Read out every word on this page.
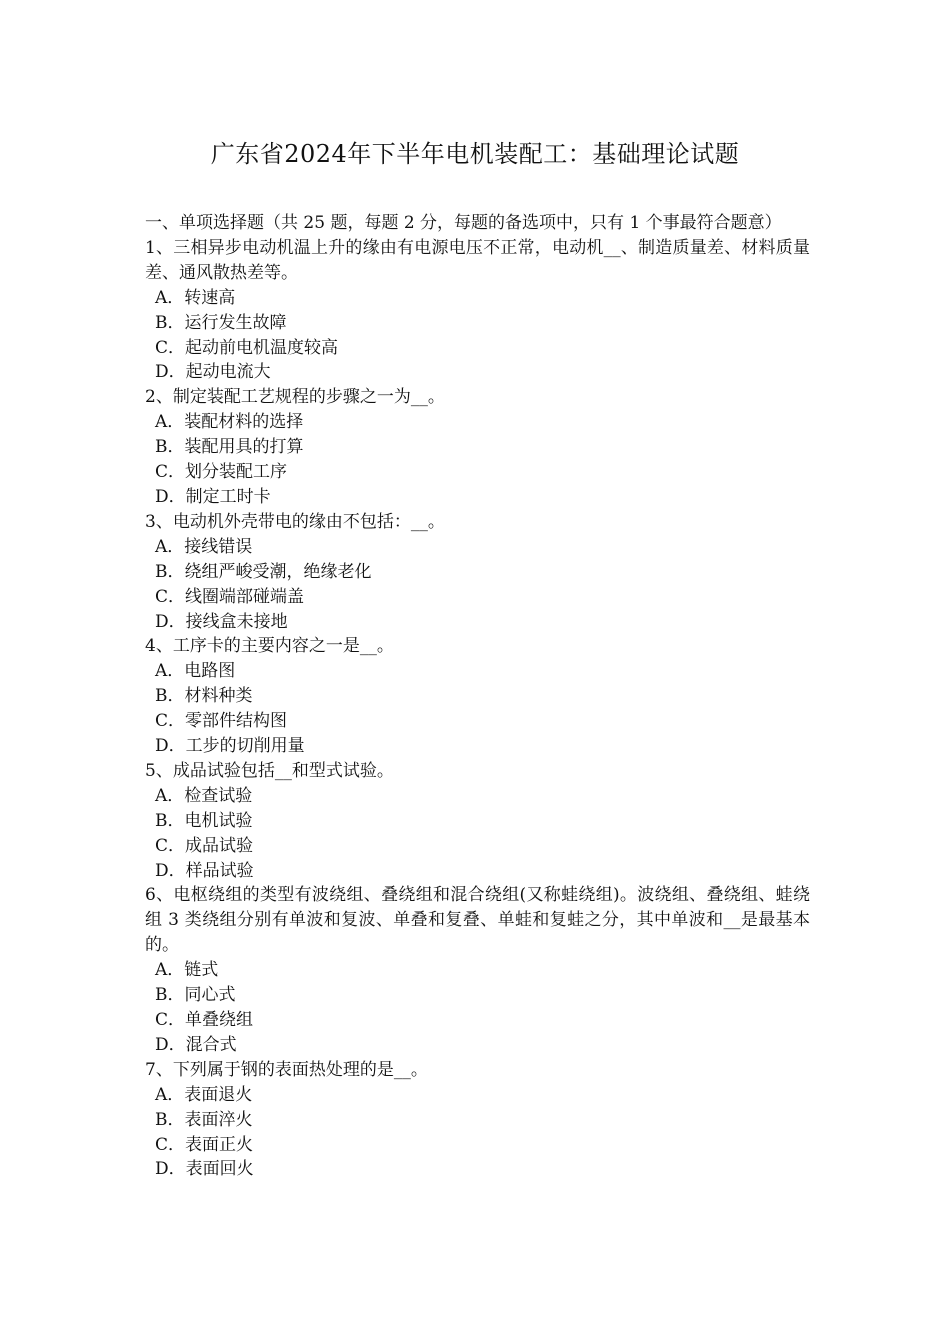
广东省2024年下半年电机装配工：基础理论试题

一、单项选择题（共 25 题，每题 2 分，每题的备选项中，只有 1 个事最符合题意）

1、三相异步电动机温上升的缘由有电源电压不正常，电动机__、制造质量差、材料质量差、通风散热差等。

A．转速高

B．运行发生故障

C．起动前电机温度较高

D．起动电流大

2、制定装配工艺规程的步骤之一为__。

A．装配材料的选择

B．装配用具的打算

C．划分装配工序

D．制定工时卡

3、电动机外壳带电的缘由不包括：__。

A．接线错误

B．绕组严峻受潮，绝缘老化

C．线圈端部碰端盖

D．接线盒未接地

4、工序卡的主要内容之一是__。

A．电路图

B．材料种类

C．零部件结构图

D．工步的切削用量

5、成品试验包括__和型式试验。

A．检查试验

B．电机试验

C．成品试验

D．样品试验

6、电枢绕组的类型有波绕组、叠绕组和混合绕组(又称蛙绕组)。波绕组、叠绕组、蛙绕组 3 类绕组分别有单波和复波、单叠和复叠、单蛙和复蛙之分，其中单波和__是最基本的。

A．链式

B．同心式

C．单叠绕组

D．混合式

7、下列属于钢的表面热处理的是__。

A．表面退火

B．表面淬火

C．表面正火

D．表面回火
